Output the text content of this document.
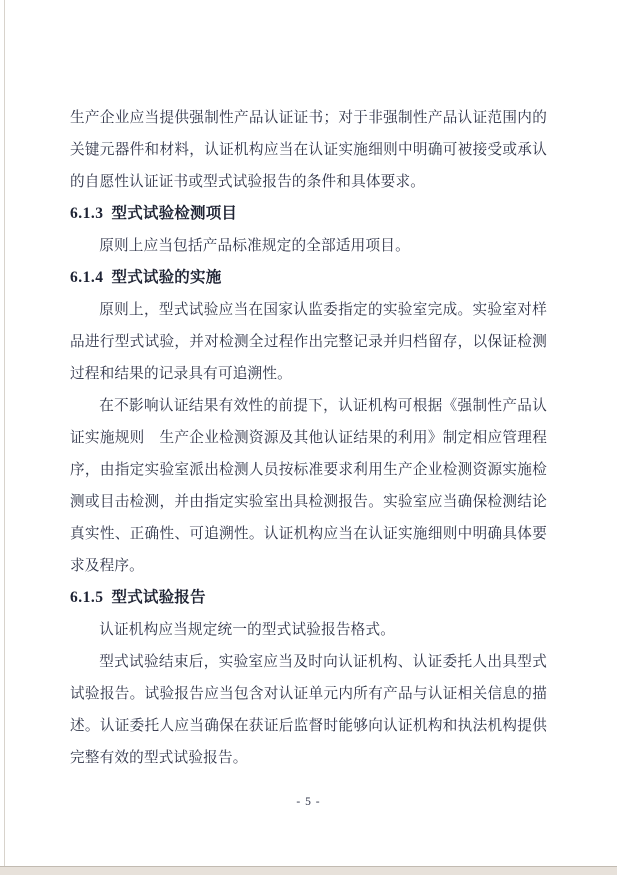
生产企业应当提供强制性产品认证证书；对于非强制性产品认证范围内的关键元器件和材料，认证机构应当在认证实施细则中明确可被接受或承认的自愿性认证证书或型式试验报告的条件和具体要求。

6.1.3 型式试验检测项目

原则上应当包括产品标准规定的全部适用项目。

6.1.4 型式试验的实施

原则上，型式试验应当在国家认监委指定的实验室完成。实验室对样品进行型式试验，并对检测全过程作出完整记录并归档留存，以保证检测过程和结果的记录具有可追溯性。

在不影响认证结果有效性的前提下，认证机构可根据《强制性产品认证实施规则　生产企业检测资源及其他认证结果的利用》制定相应管理程序，由指定实验室派出检测人员按标准要求利用生产企业检测资源实施检测或目击检测，并由指定实验室出具检测报告。实验室应当确保检测结论真实性、正确性、可追溯性。认证机构应当在认证实施细则中明确具体要求及程序。

6.1.5 型式试验报告

认证机构应当规定统一的型式试验报告格式。

型式试验结束后，实验室应当及时向认证机构、认证委托人出具型式试验报告。试验报告应当包含对认证单元内所有产品与认证相关信息的描述。认证委托人应当确保在获证后监督时能够向认证机构和执法机构提供完整有效的型式试验报告。

- 5 -
